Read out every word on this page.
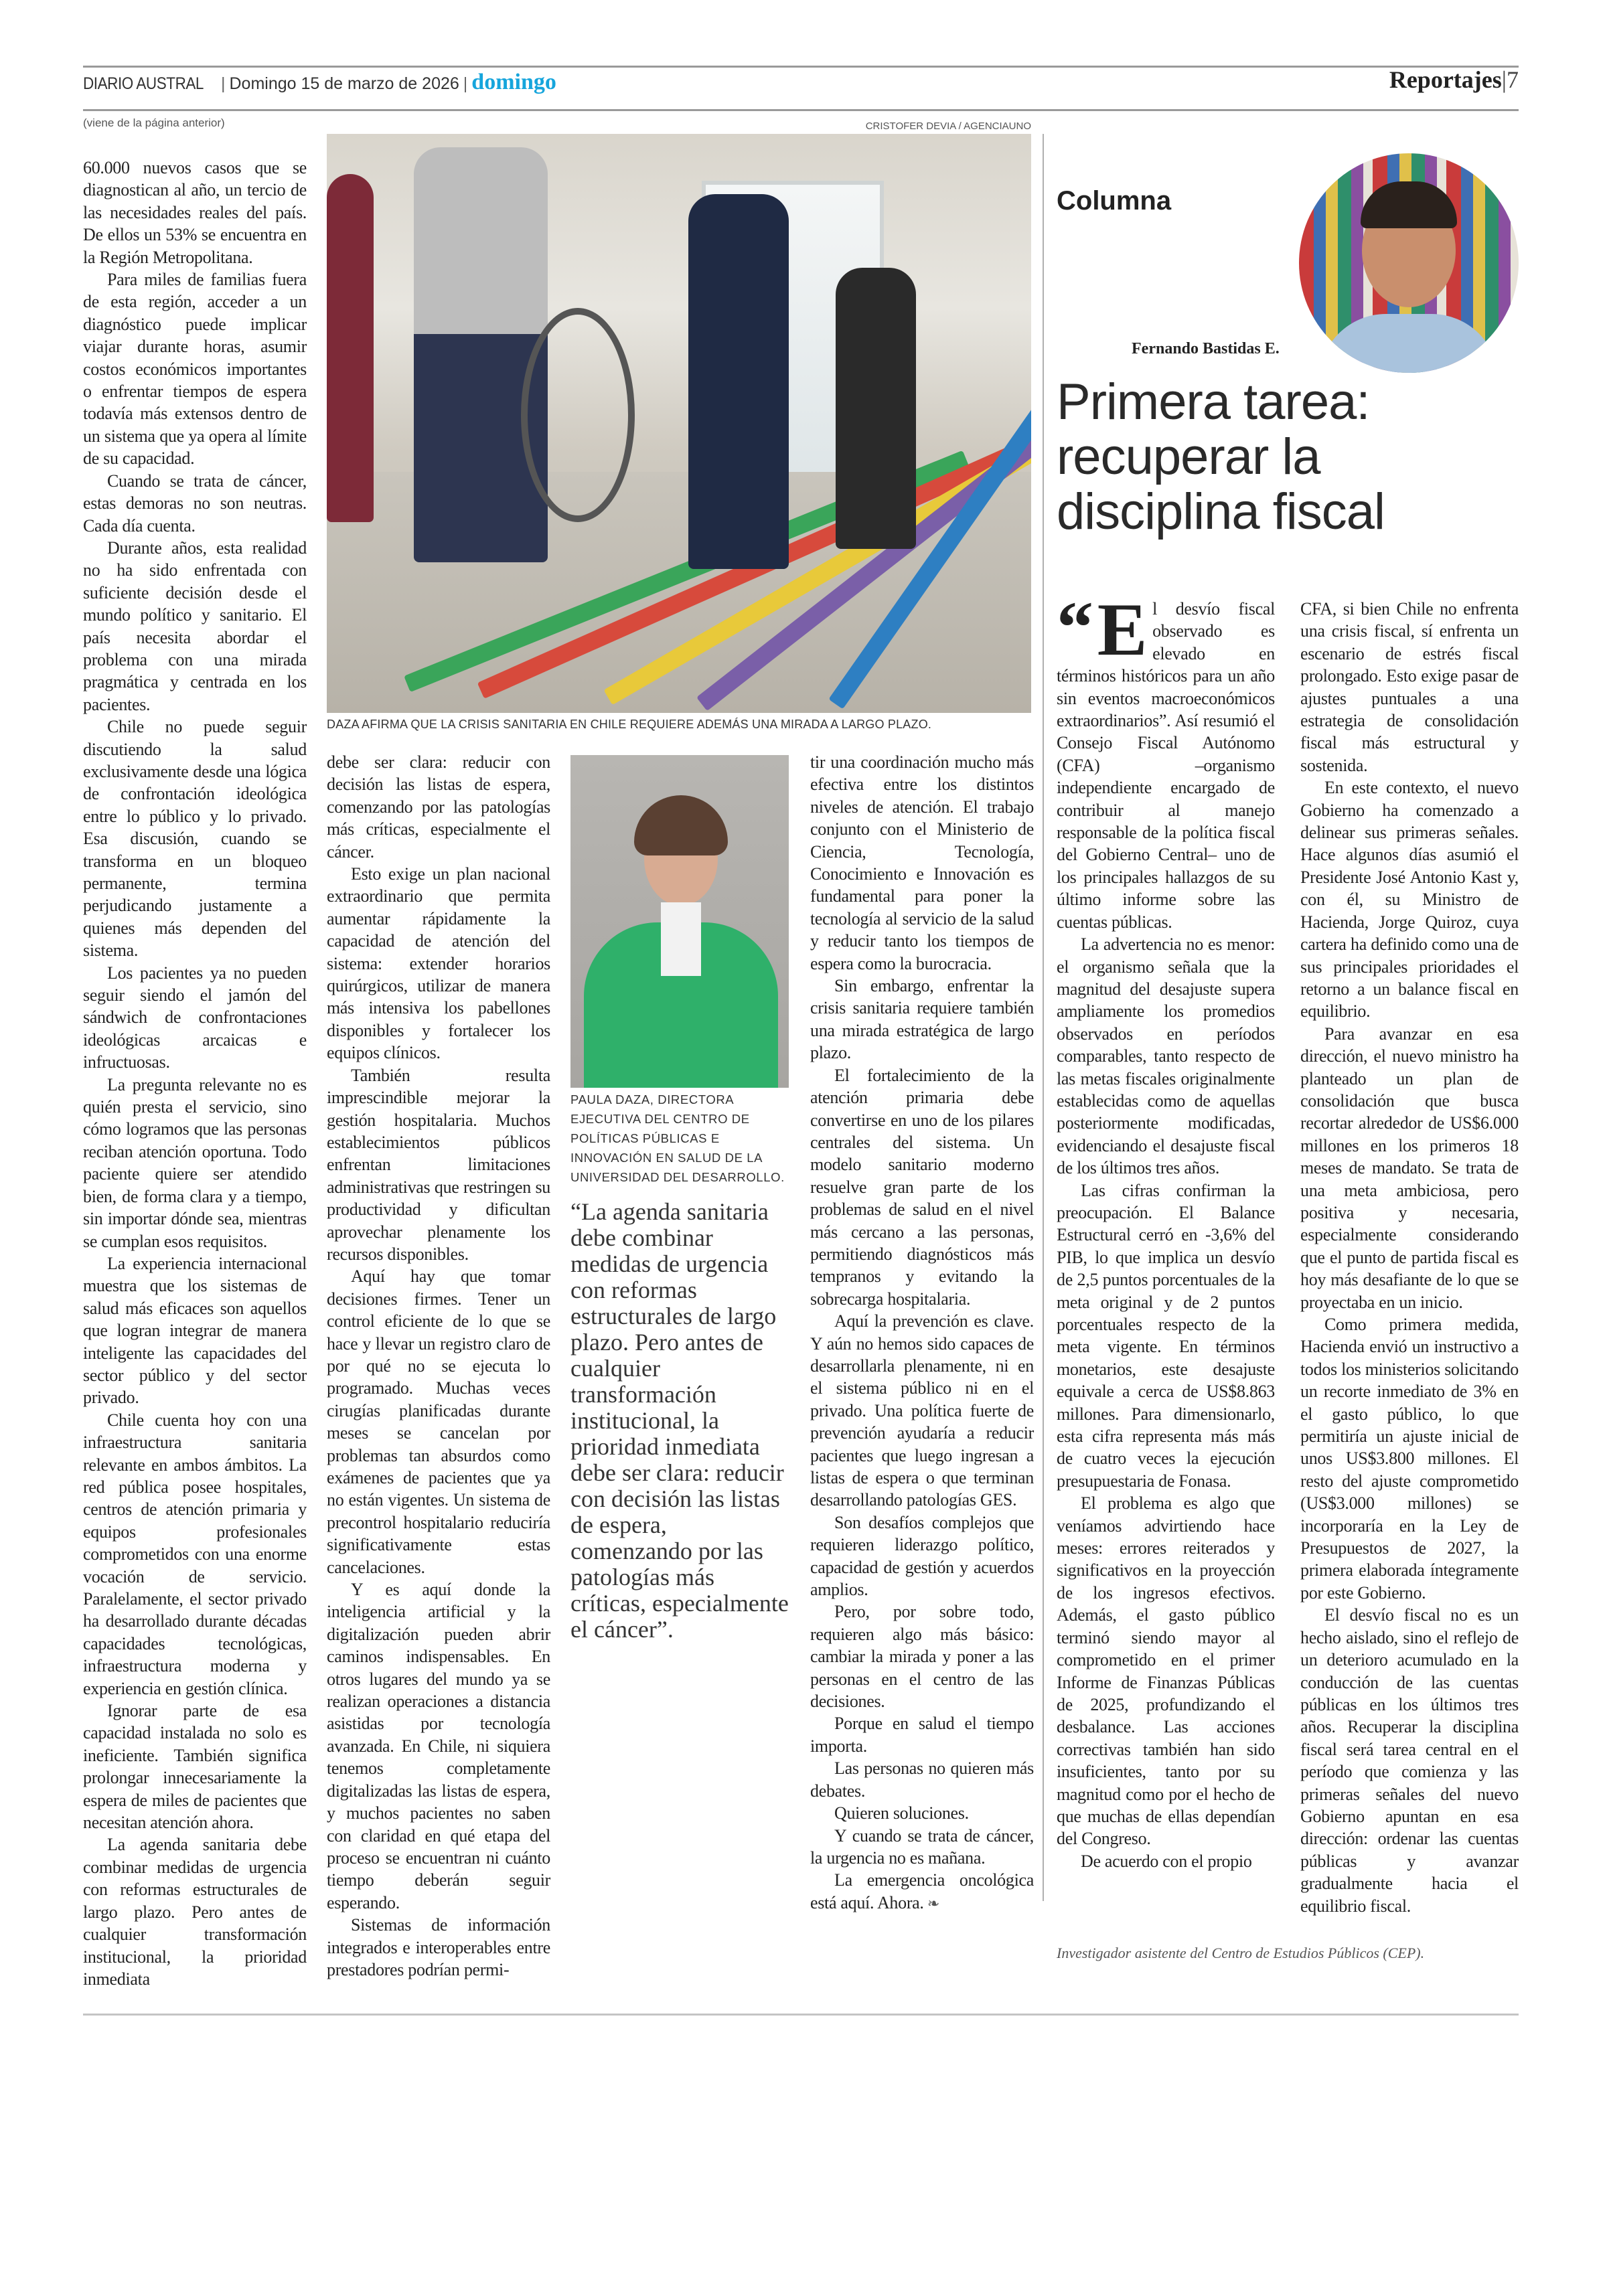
DIARIO AUSTRAL | Domingo 15 de marzo de 2026 | domingo	Reportajes|7
(viene de la página anterior)	CRISTOFER DEVIA / AGENCIAUNO
DAZA AFIRMA QUE LA CRISIS SANITARIA EN CHILE REQUIERE ADEMÁS UNA MIRADA A LARGO PLAZO.

60.000 nuevos casos que se diagnostican al año, un tercio de las necesidades reales del país. De ellos un 53% se encuentra en la Región Metropolitana.

Para miles de familias fuera de esta región, acceder a un diagnóstico puede implicar viajar durante horas, asumir costos económicos importantes o enfrentar tiempos de espera todavía más extensos dentro de un sistema que ya opera al límite de su capacidad.

Cuando se trata de cáncer, estas demoras no son neutras. Cada día cuenta.

Durante años, esta realidad no ha sido enfrentada con suficiente decisión desde el mundo político y sanitario. El país necesita abordar el problema con una mirada pragmática y centrada en los pacientes.

Chile no puede seguir discutiendo la salud exclusivamente desde una lógica de confrontación ideológica entre lo público y lo privado. Esa discusión, cuando se transforma en un bloqueo permanente, termina perjudicando justamente a quienes más dependen del sistema.

Los pacientes ya no pueden seguir siendo el jamón del sándwich de confrontaciones ideológicas arcaicas e infructuosas.

La pregunta relevante no es quién presta el servicio, sino cómo logramos que las personas reciban atención oportuna. Todo paciente quiere ser atendido bien, de forma clara y a tiempo, sin importar dónde sea, mientras se cumplan esos requisitos.

La experiencia internacional muestra que los sistemas de salud más eficaces son aquellos que logran integrar de manera inteligente las capacidades del sector público y del sector privado.

Chile cuenta hoy con una infraestructura sanitaria relevante en ambos ámbitos. La red pública posee hospitales, centros de atención primaria y equipos profesionales comprometidos con una enorme vocación de servicio. Paralelamente, el sector privado ha desarrollado durante décadas capacidades tecnológicas, infraestructura moderna y experiencia en gestión clínica.

Ignorar parte de esa capacidad instalada no solo es ineficiente. También significa prolongar innecesariamente la espera de miles de pacientes que necesitan atención ahora.

La agenda sanitaria debe combinar medidas de urgencia con reformas estructurales de largo plazo. Pero antes de cualquier transformación institucional, la prioridad inmediata

debe ser clara: reducir con decisión las listas de espera, comenzando por las patologías más críticas, especialmente el cáncer.

Esto exige un plan nacional extraordinario que permita aumentar rápidamente la capacidad de atención del sistema: extender horarios quirúrgicos, utilizar de manera más intensiva los pabellones disponibles y fortalecer los equipos clínicos.

También resulta imprescindible mejorar la gestión hospitalaria. Muchos establecimientos públicos enfrentan limitaciones administrativas que restringen su productividad y dificultan aprovechar plenamente los recursos disponibles.

Aquí hay que tomar decisiones firmes. Tener un control eficiente de lo que se hace y llevar un registro claro de por qué no se ejecuta lo programado. Muchas veces cirugías planificadas durante meses se cancelan por problemas tan absurdos como exámenes de pacientes que ya no están vigentes. Un sistema de precontrol hospitalario reduciría significativamente estas cancelaciones.

Y es aquí donde la inteligencia artificial y la digitalización pueden abrir caminos indispensables. En otros lugares del mundo ya se realizan operaciones a distancia asistidas por tecnología avanzada. En Chile, ni siquiera tenemos completamente digitalizadas las listas de espera, y muchos pacientes no saben con claridad en qué etapa del proceso se encuentran ni cuánto tiempo deberán seguir esperando.

Sistemas de información integrados e interoperables entre prestadores podrían permi-

tir una coordinación mucho más efectiva entre los distintos niveles de atención. El trabajo conjunto con el Ministerio de Ciencia, Tecnología, Conocimiento e Innovación es fundamental para poner la tecnología al servicio de la salud y reducir tanto los tiempos de espera como la burocracia.

Sin embargo, enfrentar la crisis sanitaria requiere también una mirada estratégica de largo plazo.

El fortalecimiento de la atención primaria debe convertirse en uno de los pilares centrales del sistema. Un modelo sanitario moderno resuelve gran parte de los problemas de salud en el nivel más cercano a las personas, permitiendo diagnósticos más tempranos y evitando la sobrecarga hospitalaria.

Aquí la prevención es clave. Y aún no hemos sido capaces de desarrollarla plenamente, ni en el sistema público ni en el privado. Una política fuerte de prevención ayudaría a reducir pacientes que luego ingresan a listas de espera o que terminan desarrollando patologías GES.

Son desafíos complejos que requieren liderazgo político, capacidad de gestión y acuerdos amplios.

Pero, por sobre todo, requieren algo más básico: cambiar la mirada y poner a las personas en el centro de las decisiones.

Porque en salud el tiempo importa.

Las personas no quieren más debates.

Quieren soluciones.

Y cuando se trata de cáncer, la urgencia no es mañana.

La emergencia oncológica está aquí. Ahora. ❧

PAULA DAZA, DIRECTORA EJECUTIVA DEL CENTRO DE POLÍTICAS PÚBLICAS E INNOVACIÓN EN SALUD DE LA UNIVERSIDAD DEL DESARROLLO.
“La agenda sanitaria debe combinar medidas de urgencia con reformas estructurales de largo plazo. Pero antes de cualquier transformación institucional, la prioridad inmediata debe ser clara: reducir con decisión las listas de espera, comenzando por las patologías más críticas, especialmente el cáncer”.
Columna
Fernando Bastidas E.
Primera tarea: recuperar la disciplina fiscal
“ E l desvío fiscal observado es elevado en términos históricos para un año sin eventos macroeconómicos extraordinarios”. Así resumió el Consejo Fiscal Autónomo (CFA) –organismo independiente encargado de contribuir al manejo responsable de la política fiscal del Gobierno Central– uno de los principales hallazgos de su último informe sobre las cuentas públicas.

La advertencia no es menor: el organismo señala que la magnitud del desajuste supera ampliamente los promedios observados en períodos comparables, tanto respecto de las metas fiscales originalmente establecidas como de aquellas posteriormente modificadas, evidenciando el desajuste fiscal de los últimos tres años.

Las cifras confirman la preocupación. El Balance Estructural cerró en -3,6% del PIB, lo que implica un desvío de 2,5 puntos porcentuales de la meta original y de 2 puntos porcentuales respecto de la meta vigente. En términos monetarios, este desajuste equivale a cerca de US$8.863 millones. Para dimensionarlo, esta cifra representa más más de cuatro veces la ejecución presupuestaria de Fonasa.

El problema es algo que veníamos advirtiendo hace meses: errores reiterados y significativos en la proyección de los ingresos efectivos. Además, el gasto público terminó siendo mayor al comprometido en el primer Informe de Finanzas Públicas de 2025, profundizando el desbalance. Las acciones correctivas también han sido insuficientes, tanto por su magnitud como por el hecho de que muchas de ellas dependían del Congreso.

De acuerdo con el propio

CFA, si bien Chile no enfrenta una crisis fiscal, sí enfrenta un escenario de estrés fiscal prolongado. Esto exige pasar de ajustes puntuales a una estrategia de consolidación fiscal más estructural y sostenida.

En este contexto, el nuevo Gobierno ha comenzado a delinear sus primeras señales. Hace algunos días asumió el Presidente José Antonio Kast y, con él, su Ministro de Hacienda, Jorge Quiroz, cuya cartera ha definido como una de sus principales prioridades el retorno a un balance fiscal en equilibrio.

Para avanzar en esa dirección, el nuevo ministro ha planteado un plan de consolidación que busca recortar alrededor de US$6.000 millones en los primeros 18 meses de mandato. Se trata de una meta ambiciosa, pero positiva y necesaria, especialmente considerando que el punto de partida fiscal es hoy más desafiante de lo que se proyectaba en un inicio.

Como primera medida, Hacienda envió un instructivo a todos los ministerios solicitando un recorte inmediato de 3% en el gasto público, lo que permitiría un ajuste inicial de unos US$3.800 millones. El resto del ajuste comprometido (US$3.000 millones) se incorporaría en la Ley de Presupuestos de 2027, la primera elaborada íntegramente por este Gobierno.

El desvío fiscal no es un hecho aislado, sino el reflejo de un deterioro acumulado en la conducción de las cuentas públicas en los últimos tres años. Recuperar la disciplina fiscal será tarea central en el período que comienza y las primeras señales del nuevo Gobierno apuntan en esa dirección: ordenar las cuentas públicas y avanzar gradualmente hacia el equilibrio fiscal.

Investigador asistente del Centro de Estudios Públicos (CEP).
